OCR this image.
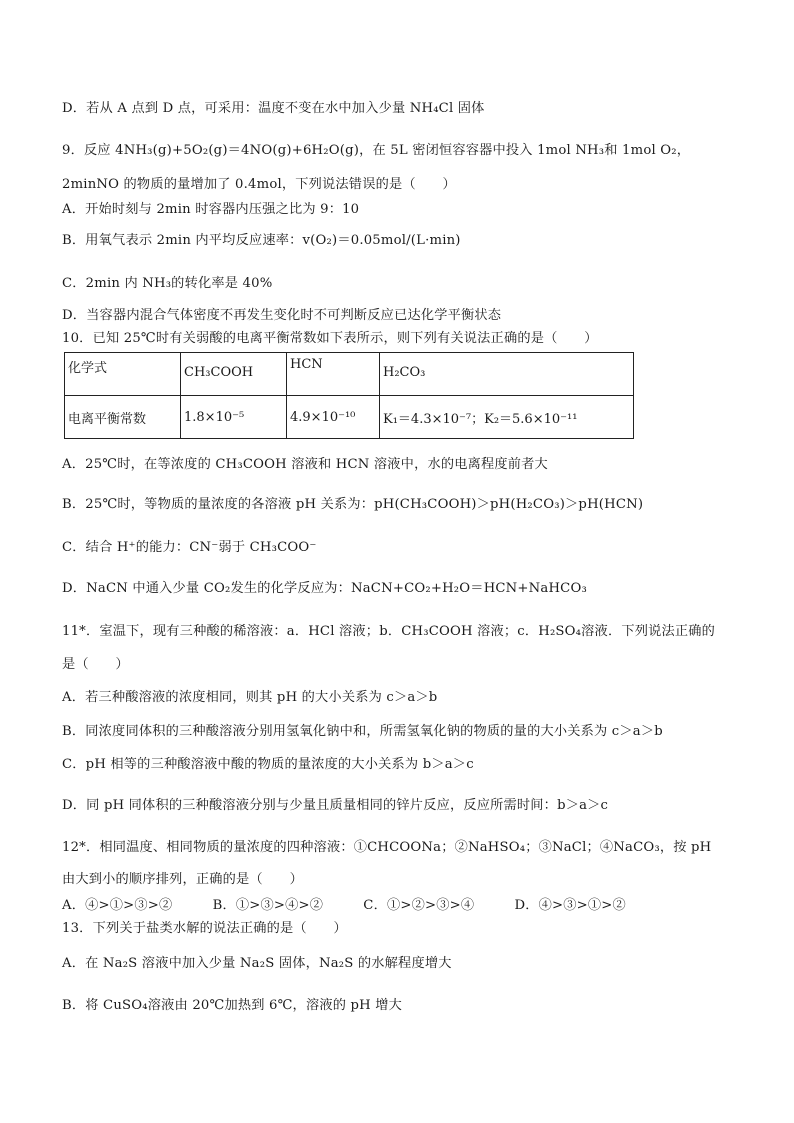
D．若从 A 点到 D 点，可采用：温度不变在水中加入少量 NH₄Cl 固体
9．反应 4NH₃(g)+5O₂(g)＝4NO(g)+6H₂O(g)，在 5L 密闭恒容容器中投入 1mol NH₃和 1mol O₂，
2minNO 的物质的量增加了 0.4mol，下列说法错误的是（　　）
A．开始时刻与 2min 时容器内压强之比为 9：10
B．用氧气表示 2min 内平均反应速率：v(O₂)＝0.05mol/(L·min)
C．2min 内 NH₃的转化率是 40%
D．当容器内混合气体密度不再发生变化时不可判断反应已达化学平衡状态
10．已知 25℃时有关弱酸的电离平衡常数如下表所示，则下列有关说法正确的是（　　）
化学式	CH₃COOH	HCN	H₂CO₃

电离平衡常数	1.8×10⁻⁵	4.9×10⁻¹⁰	K₁＝4.3×10⁻⁷；K₂＝5.6×10⁻¹¹
A．25℃时，在等浓度的 CH₃COOH 溶液和 HCN 溶液中，水的电离程度前者大
B．25℃时，等物质的量浓度的各溶液 pH 关系为：pH(CH₃COOH)＞pH(H₂CO₃)＞pH(HCN)
C．结合 H⁺的能力：CN⁻弱于 CH₃COO⁻
D．NaCN 中通入少量 CO₂发生的化学反应为：NaCN+CO₂+H₂O＝HCN+NaHCO₃
11*．室温下，现有三种酸的稀溶液：a．HCl 溶液；b．CH₃COOH 溶液；c．H₂SO₄溶液．下列说法正确的
是（　　）
A．若三种酸溶液的浓度相同，则其 pH 的大小关系为 c＞a＞b
B．同浓度同体积的三种酸溶液分别用氢氧化钠中和，所需氢氧化钠的物质的量的大小关系为 c＞a＞b
C．pH 相等的三种酸溶液中酸的物质的量浓度的大小关系为 b＞a＞c
D．同 pH 同体积的三种酸溶液分别与少量且质量相同的锌片反应，反应所需时间：b＞a＞c
12*．相同温度、相同物质的量浓度的四种溶液：①CHCOONa；②NaHSO₄；③NaCl；④NaCO₃，按 pH
由大到小的顺序排列，正确的是（　　）
A．④>①>③>②　　　B．①>③>④>②　　　C．①>②>③>④　　　D．④>③>①>②
13．下列关于盐类水解的说法正确的是（　　）
A．在 Na₂S 溶液中加入少量 Na₂S 固体，Na₂S 的水解程度增大
B．将 CuSO₄溶液由 20℃加热到 6℃，溶液的 pH 增大
